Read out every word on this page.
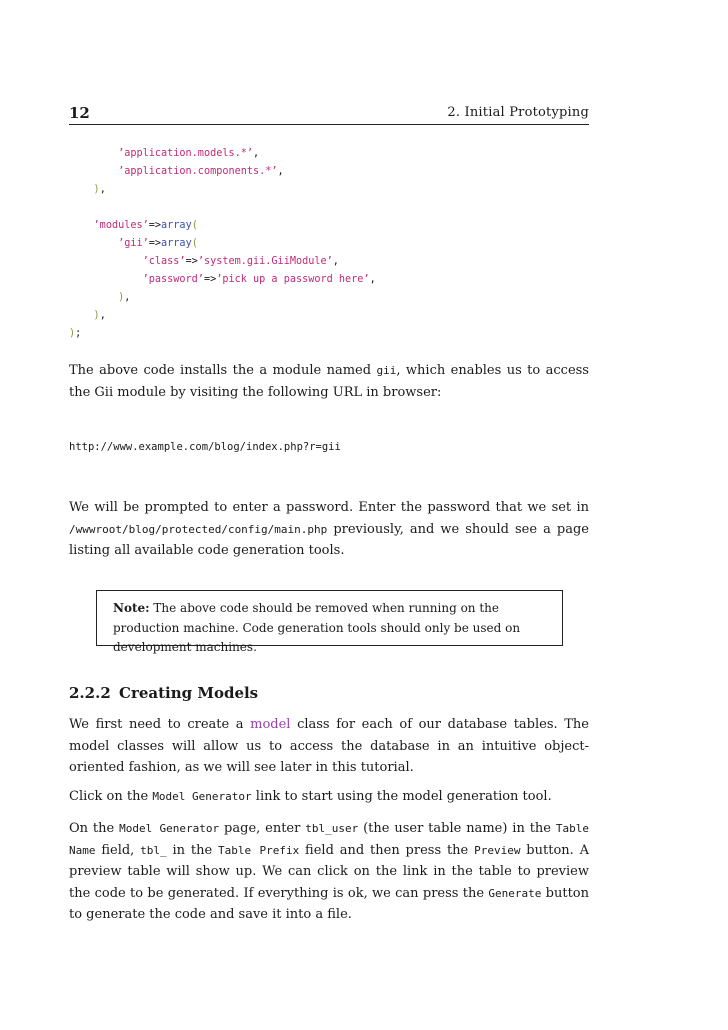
12	2. Initial Prototyping
’application.models.*’,
’application.components.*’,
),

’modules’=>array(
’gii’=>array(
’class’=>’system.gii.GiiModule’,
’password’=>’pick up a password here’,
),
),
);

The above code installs the a module named gii, which enables us to access the Gii module by visiting the following URL in browser:

http://www.example.com/blog/index.php?r=gii

We will be prompted to enter a password. Enter the password that we set in /wwwroot/blog/protected/config/main.php previously, and we should see a page listing all available code generation tools.

Note: The above code should be removed when running on the production machine. Code generation tools should only be used on development machines.

2.2.2 Creating Models

We first need to create a model class for each of our database tables. The model classes will allow us to access the database in an intuitive object-oriented fashion, as we will see later in this tutorial.

Click on the Model Generator link to start using the model generation tool.

On the Model Generator page, enter tbl_user (the user table name) in the Table Name field, tbl_ in the Table Prefix field and then press the Preview button. A preview table will show up. We can click on the link in the table to preview the code to be generated. If everything is ok, we can press the Generate button to generate the code and save it into a file.
